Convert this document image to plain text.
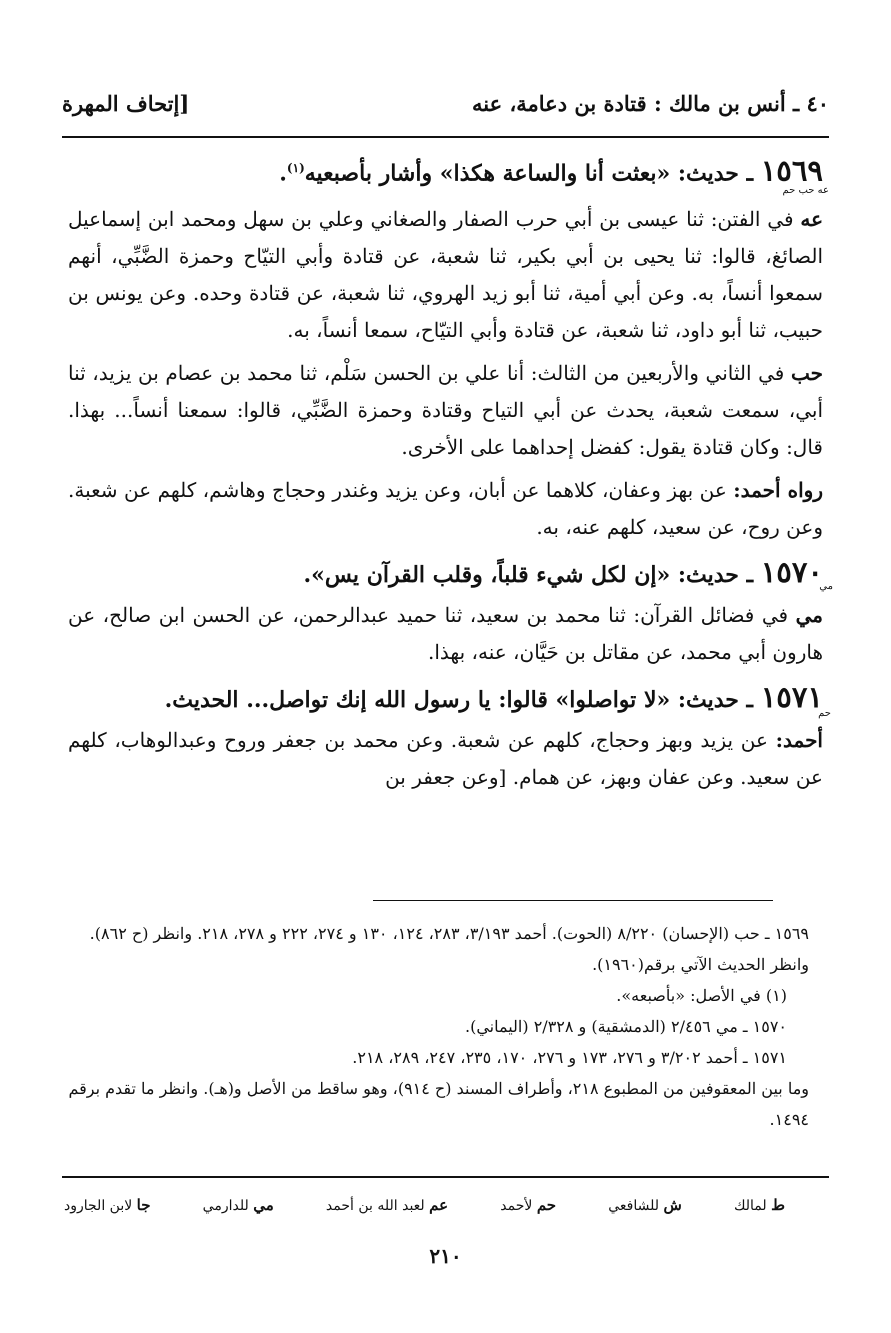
٤٠ ـ أنس بن مالك : قتادة بن دعامة، عنه
[إتحاف المهرة
١٥٦٩ ـ حديث: «بعثت أنا والساعة هكذا» وأشار بأصبعيه$^{(١)}$.
عه حب حم

عه في الفتن: ثنا عيسى بن أبي حرب الصفار والصغاني وعلي بن سهل ومحمد ابن إسماعيل الصائغ، قالوا: ثنا يحيى بن أبي بكير، ثنا شعبة، عن قتادة وأبي التيّاح وحمزة الضَّبِّي، أنهم سمعوا أنساً، به. وعن أبي أمية، ثنا أبو زيد الهروي، ثنا شعبة، عن قتادة وحده. وعن يونس بن حبيب، ثنا أبو داود، ثنا شعبة، عن قتادة وأبي التيّاح، سمعا أنساً، به.

حب في الثاني والأربعين من الثالث: أنا علي بن الحسن سَلْم، ثنا محمد بن عصام بن يزيد، ثنا أبي، سمعت شعبة، يحدث عن أبي التياح وقتادة وحمزة الضَّبِّي، قالوا: سمعنا أنساً... بهذا. قال: وكان قتادة يقول: كفضل إحداهما على الأخرى.

رواه أحمد: عن بهز وعفان، كلاهما عن أبان، وعن يزيد وغندر وحجاج وهاشم، كلهم عن شعبة. وعن روح، عن سعيد، كلهم عنه، به.

١٥٧٠ ـ حديث: «إن لكل شيء قلباً، وقلب القرآن يس».	مي

مي في فضائل القرآن: ثنا محمد بن سعيد، ثنا حميد عبدالرحمن، عن الحسن ابن صالح، عن هارون أبي محمد، عن مقاتل بن حَيَّان، عنه، بهذا.

١٥٧١ ـ حديث: «لا تواصلوا» قالوا: يا رسول الله إنك تواصل... الحديث.
حم

أحمد: عن يزيد وبهز وحجاج، كلهم عن شعبة. وعن محمد بن جعفر وروح وعبدالوهاب، كلهم عن سعيد. وعن عفان وبهز، عن همام. [وعن جعفر بن

١٥٦٩ ـ حب (الإحسان) ٨/٢٢٠ (الحوت). أحمد ٣/١٩٣، ٢٨٣، ١٢٤، ١٣٠ و ٢٧٤، ٢٢٢ و ٢٧٨، ٢١٨. وانظر (ح ٨٦٢). وانظر الحديث الآتي برقم(١٩٦٠).

(١) في الأصل: «بأصبعه».

١٥٧٠ ـ مي ٢/٤٥٦ (الدمشقية) و ٢/٣٢٨ (اليماني).

١٥٧١ ـ أحمد ٣/٢٠٢ و ٢٧٦، ١٧٣ و ٢٧٦، ١٧٠، ٢٣٥، ٢٤٧، ٢٨٩، ٢١٨.

وما بين المعقوفين من المطبوع ٢١٨، وأطراف المسند (ح ٩١٤)، وهو ساقط من الأصل و(هـ). وانظر ما تقدم برقم ١٤٩٤.

ط لمالك
ش للشافعي
حم لأحمد
عم لعبد الله بن أحمد
مي للدارمي
جا لابن الجارود
٢١٠
